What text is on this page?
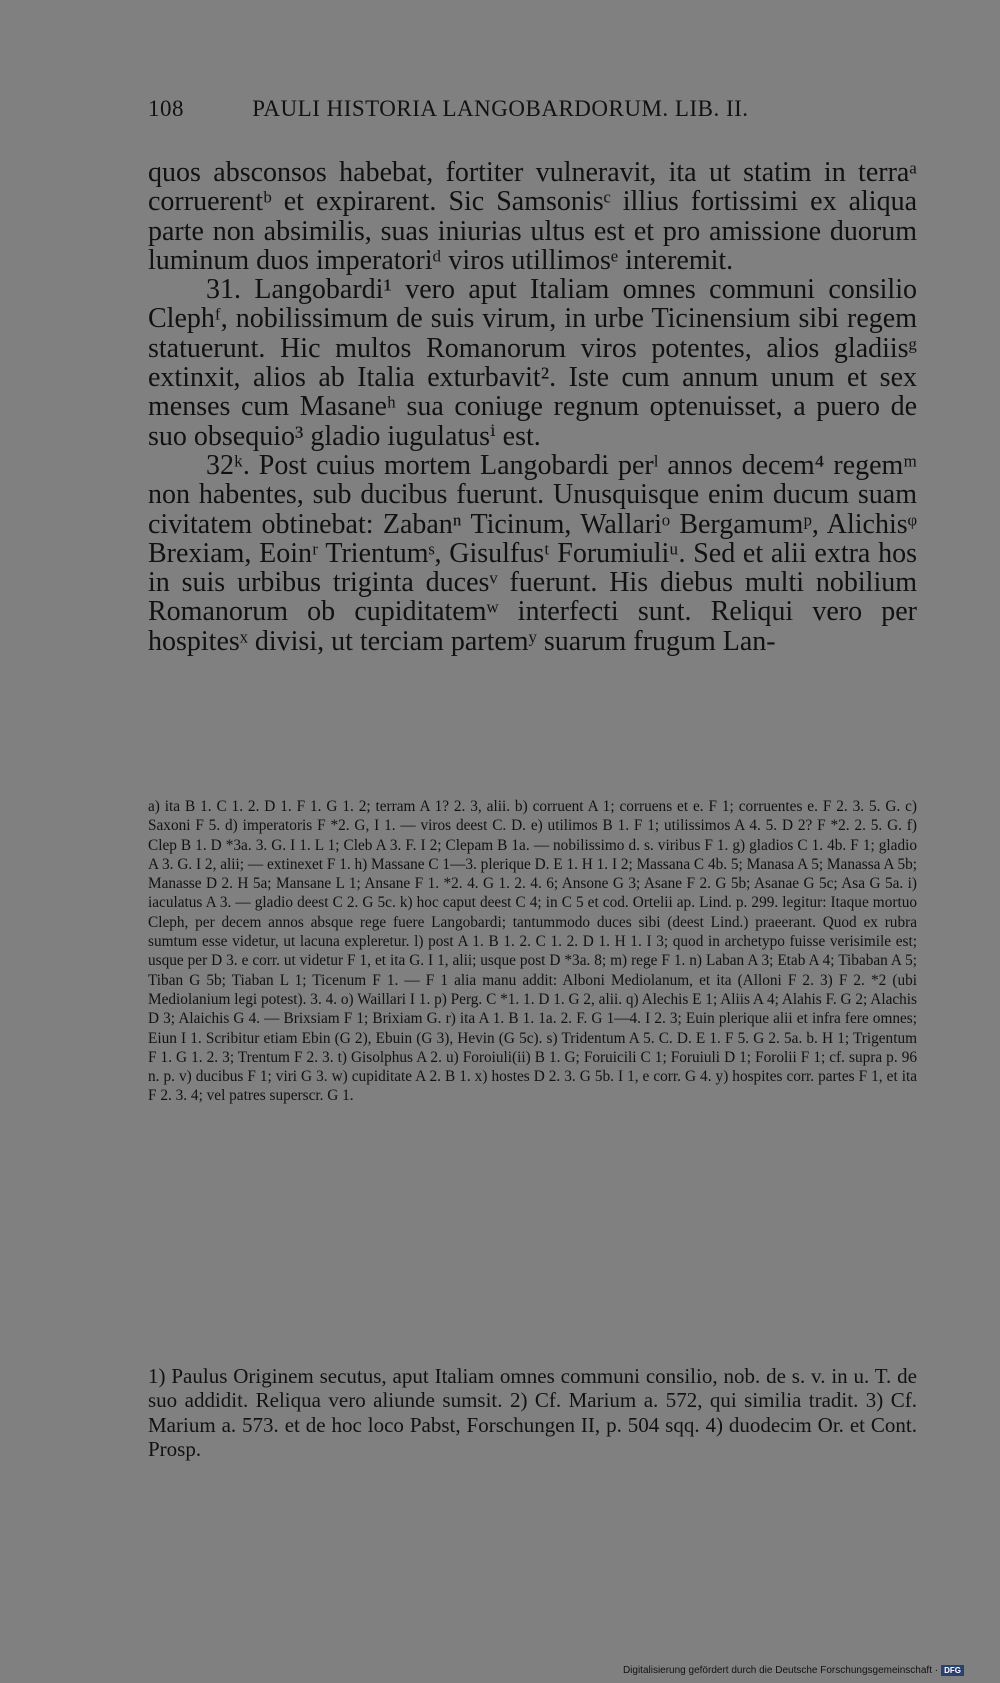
108	PAULI HISTORIA LANGOBARDORUM. LIB. II.

quos absconsos habebat, fortiter vulneravit, ita ut statim in terraᵃ corruerentᵇ et expirarent. Sic Samsonisᶜ illius fortissimi ex aliqua parte non absimilis, suas iniurias ultus est et pro amissione duorum luminum duos imperatoriᵈ viros utillimosᵉ interemit.

31. Langobardi¹ vero aput Italiam omnes communi consilio Clephᶠ, nobilissimum de suis virum, in urbe Ticinensium sibi regem statuerunt. Hic multos Romanorum viros potentes, alios gladiisᵍ extinxit, alios ab Italia exturbavit². Iste cum annum unum et sex menses cum Masaneʰ sua coniuge regnum optenuisset, a puero de suo obsequio³ gladio iugulatusⁱ est.

32ᵏ. Post cuius mortem Langobardi perˡ annos decem⁴ regemᵐ non habentes, sub ducibus fuerunt. Unusquisque enim ducum suam civitatem obtinebat: Zabanⁿ Ticinum, Wallariᵒ Bergamumᵖ, Alichisᵠ Brexiam, Eoinʳ Trientumˢ, Gisulfusᵗ Forumiuliᵘ. Sed et alii extra hos in suis urbibus triginta ducesᵛ fuerunt. His diebus multi nobilium Romanorum ob cupiditatemʷ interfecti sunt. Reliqui vero per hospitesˣ divisi, ut terciam partemʸ suarum frugum Lan-

a) ita B 1. C 1. 2. D 1. F 1. G 1. 2; terram A 1? 2. 3, alii. b) corruent A 1; corruens et e. F 1; corruentes e. F 2. 3. 5. G. c) Saxoni F 5. d) imperatoris F *2. G, I 1. — viros deest C. D. e) utilimos B 1. F 1; utilissimos A 4. 5. D 2? F *2. 2. 5. G. f) Clep B 1. D *3a. 3. G. I 1. L 1; Cleb A 3. F. I 2; Clepam B 1a. — nobilissimo d. s. viribus F 1. g) gladios C 1. 4b. F 1; gladio A 3. G. I 2, alii; — extinexet F 1. h) Massane C 1—3. plerique D. E 1. H 1. I 2; Massana C 4b. 5; Manasa A 5; Manassa A 5b; Manasse D 2. H 5a; Mansane L 1; Ansane F 1. *2. 4. G 1. 2. 4. 6; Ansone G 3; Asane F 2. G 5b; Asanae G 5c; Asa G 5a. i) iaculatus A 3. — gladio deest C 2. G 5c. k) hoc caput deest C 4; in C 5 et cod. Ortelii ap. Lind. p. 299. legitur: Itaque mortuo Cleph, per decem annos absque rege fuere Langobardi; tantummodo duces sibi (deest Lind.) praeerant. Quod ex rubra sumtum esse videtur, ut lacuna expleretur. l) post A 1. B 1. 2. C 1. 2. D 1. H 1. I 3; quod in archetypo fuisse verisimile est; usque per D 3. e corr. ut videtur F 1, et ita G. I 1, alii; usque post D *3a. 8; m) rege F 1. n) Laban A 3; Etab A 4; Tibaban A 5; Tiban G 5b; Tiaban L 1; Ticenum F 1. — F 1 alia manu addit: Alboni Mediolanum, et ita (Alloni F 2. 3) F 2. *2 (ubi Mediolanium legi potest). 3. 4. o) Waillari I 1. p) Perg. C *1. 1. D 1. G 2, alii. q) Alechis E 1; Aliis A 4; Alahis F. G 2; Alachis D 3; Alaichis G 4. — Brixsiam F 1; Brixiam G. r) ita A 1. B 1. 1a. 2. F. G 1—4. I 2. 3; Euin plerique alii et infra fere omnes; Eiun I 1. Scribitur etiam Ebin (G 2), Ebuin (G 3), Hevin (G 5c). s) Tridentum A 5. C. D. E 1. F 5. G 2. 5a. b. H 1; Trigentum F 1. G 1. 2. 3; Trentum F 2. 3. t) Gisolphus A 2. u) Foroiuli(ii) B 1. G; Foruicili C 1; Foruiuli D 1; Forolii F 1; cf. supra p. 96 n. p. v) ducibus F 1; viri G 3. w) cupiditate A 2. B 1. x) hostes D 2. 3. G 5b. I 1, e corr. G 4. y) hospites corr. partes F 1, et ita F 2. 3. 4; vel patres superscr. G 1.

1) Paulus Originem secutus, aput Italiam omnes communi consilio, nob. de s. v. in u. T. de suo addidit. Reliqua vero aliunde sumsit. 2) Cf. Marium a. 572, qui similia tradit. 3) Cf. Marium a. 573. et de hoc loco Pabst, Forschungen II, p. 504 sqq. 4) duodecim Or. et Cont. Prosp.

Digitalisierung gefördert durch die Deutsche Forschungsgemeinschaft · DFG
